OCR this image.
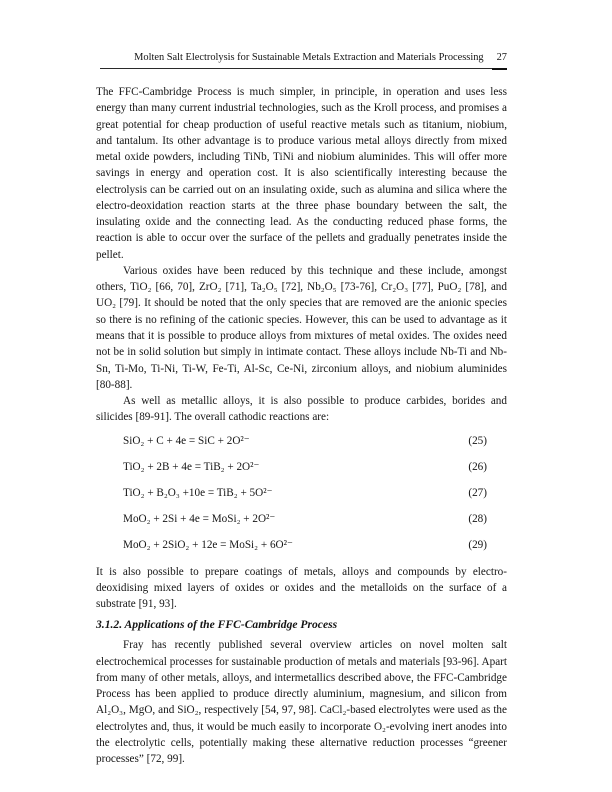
Molten Salt Electrolysis for Sustainable Metals Extraction and Materials Processing 27

The FFC-Cambridge Process is much simpler, in principle, in operation and uses less energy than many current industrial technologies, such as the Kroll process, and promises a great potential for cheap production of useful reactive metals such as titanium, niobium, and tantalum. Its other advantage is to produce various metal alloys directly from mixed metal oxide powders, including TiNb, TiNi and niobium aluminides. This will offer more savings in energy and operation cost. It is also scientifically interesting because the electrolysis can be carried out on an insulating oxide, such as alumina and silica where the electro-deoxidation reaction starts at the three phase boundary between the salt, the insulating oxide and the connecting lead. As the conducting reduced phase forms, the reaction is able to occur over the surface of the pellets and gradually penetrates inside the pellet.

Various oxides have been reduced by this technique and these include, amongst others, TiO₂ [66, 70], ZrO₂ [71], Ta₂O₅ [72], Nb₂O₅ [73-76], Cr₂O₃ [77], PuO₂ [78], and UO₂ [79]. It should be noted that the only species that are removed are the anionic species so there is no refining of the cationic species. However, this can be used to advantage as it means that it is possible to produce alloys from mixtures of metal oxides. The oxides need not be in solid solution but simply in intimate contact. These alloys include Nb-Ti and Nb-Sn, Ti-Mo, Ti-Ni, Ti-W, Fe-Ti, Al-Sc, Ce-Ni, zirconium alloys, and niobium aluminides [80-88].

As well as metallic alloys, it is also possible to produce carbides, borides and silicides [89-91]. The overall cathodic reactions are:

SiO₂ + C + 4e = SiC + 2O²⁻	(25)
TiO₂ + 2B + 4e = TiB₂ + 2O²⁻	(26)
TiO₂ + B₂O₃ +10e = TiB₂ + 5O²⁻	(27)
MoO₂ + 2Si + 4e = MoSi₂ + 2O²⁻	(28)
MoO₂ + 2SiO₂ + 12e = MoSi₂ + 6O²⁻	(29)

It is also possible to prepare coatings of metals, alloys and compounds by electro-deoxidising mixed layers of oxides or oxides and the metalloids on the surface of a substrate [91, 93].

3.1.2. Applications of the FFC-Cambridge Process

Fray has recently published several overview articles on novel molten salt electrochemical processes for sustainable production of metals and materials [93-96]. Apart from many of other metals, alloys, and intermetallics described above, the FFC-Cambridge Process has been applied to produce directly aluminium, magnesium, and silicon from Al₂O₃, MgO, and SiO₂, respectively [54, 97, 98]. CaCl₂-based electrolytes were used as the electrolytes and, thus, it would be much easily to incorporate O₂-evolving inert anodes into the electrolytic cells, potentially making these alternative reduction processes “greener processes” [72, 99].
